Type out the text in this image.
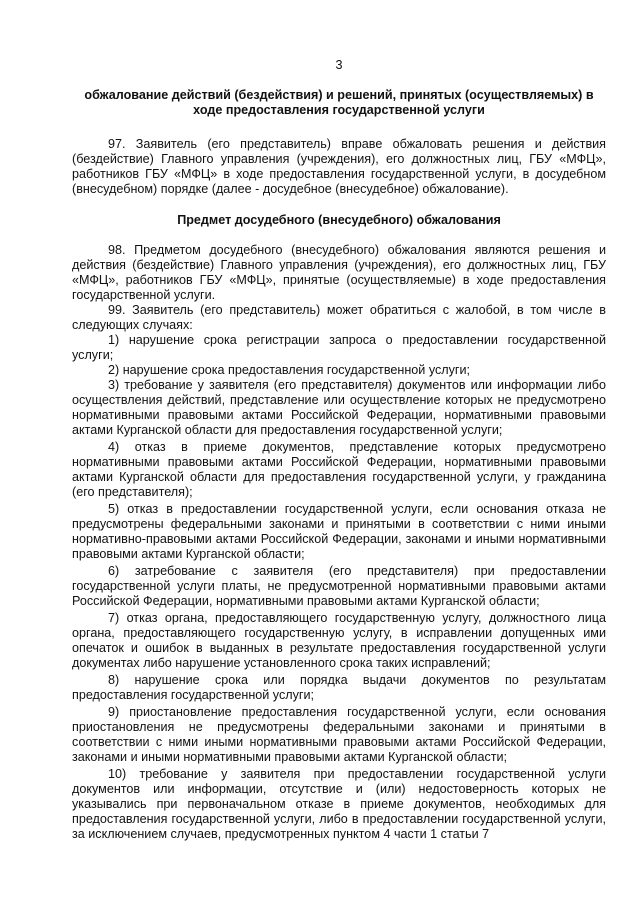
3
обжалование действий (бездействия) и решений, принятых (осуществляемых) в ходе предоставления государственной услуги

97. Заявитель (его представитель) вправе обжаловать решения и действия (бездействие) Главного управления (учреждения), его должностных лиц, ГБУ «МФЦ», работников ГБУ «МФЦ» в ходе предоставления государственной услуги, в досудебном (внесудебном) порядке (далее - досудебное (внесудебное) обжалование).

Предмет досудебного (внесудебного) обжалования

98. Предметом досудебного (внесудебного) обжалования являются решения и действия (бездействие) Главного управления (учреждения), его должностных лиц, ГБУ «МФЦ», работников ГБУ «МФЦ», принятые (осуществляемые) в ходе предоставления государственной услуги.

99. Заявитель (его представитель) может обратиться с жалобой, в том числе в следующих случаях:

1) нарушение срока регистрации запроса о предоставлении государственной услуги;

2) нарушение срока предоставления государственной услуги;

3) требование у заявителя (его представителя) документов или информации либо осуществления действий, представление или осуществление которых не предусмотрено нормативными правовыми актами Российской Федерации, нормативными правовыми актами Курганской области для предоставления государственной услуги;

4) отказ в приеме документов, представление которых предусмотрено нормативными правовыми актами Российской Федерации, нормативными правовыми актами Курганской области для предоставления государственной услуги, у гражданина (его представителя);

5) отказ в предоставлении государственной услуги, если основания отказа не предусмотрены федеральными законами и принятыми в соответствии с ними иными нормативно-правовыми актами Российской Федерации, законами и иными нормативными правовыми актами Курганской области;

6) затребование с заявителя (его представителя) при предоставлении государственной услуги платы, не предусмотренной нормативными правовыми актами Российской Федерации, нормативными правовыми актами Курганской области;

7) отказ органа, предоставляющего государственную услугу, должностного лица органа, предоставляющего государственную услугу, в исправлении допущенных ими опечаток и ошибок в выданных в результате предоставления государственной услуги документах либо нарушение установленного срока таких исправлений;

8) нарушение срока или порядка выдачи документов по результатам предоставления государственной услуги;

9) приостановление предоставления государственной услуги, если основания приостановления не предусмотрены федеральными законами и принятыми в соответствии с ними иными нормативными правовыми актами Российской Федерации, законами и иными нормативными правовыми актами Курганской области;

10) требование у заявителя при предоставлении государственной услуги документов или информации, отсутствие и (или) недостоверность которых не указывались при первоначальном отказе в приеме документов, необходимых для предоставления государственной услуги, либо в предоставлении государственной услуги, за исключением случаев, предусмотренных пунктом 4 части 1 статьи 7
